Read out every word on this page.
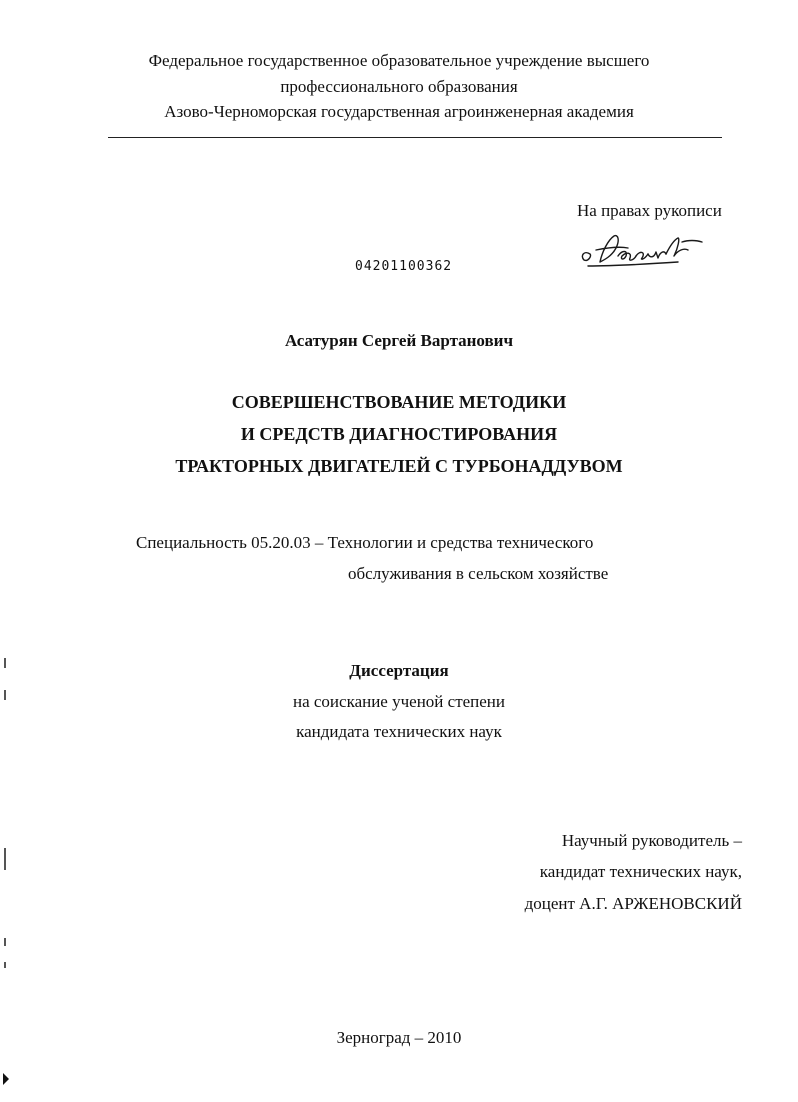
Федеральное государственное образовательное учреждение высшего
профессионального образования
Азово-Черноморская государственная агроинженерная академия
На правах рукописи
04201100362
Асатурян Сергей Вартанович
СОВЕРШЕНСТВОВАНИЕ МЕТОДИКИ
И СРЕДСТВ ДИАГНОСТИРОВАНИЯ
ТРАКТОРНЫХ ДВИГАТЕЛЕЙ С ТУРБОНАДДУВОМ
Специальность 05.20.03 – Технологии и средства технического
обслуживания в сельском хозяйстве
Диссертация
на соискание ученой степени
кандидата технических наук
Научный руководитель –
кандидат технических наук,
доцент А.Г. АРЖЕНОВСКИЙ
Зерноград – 2010
